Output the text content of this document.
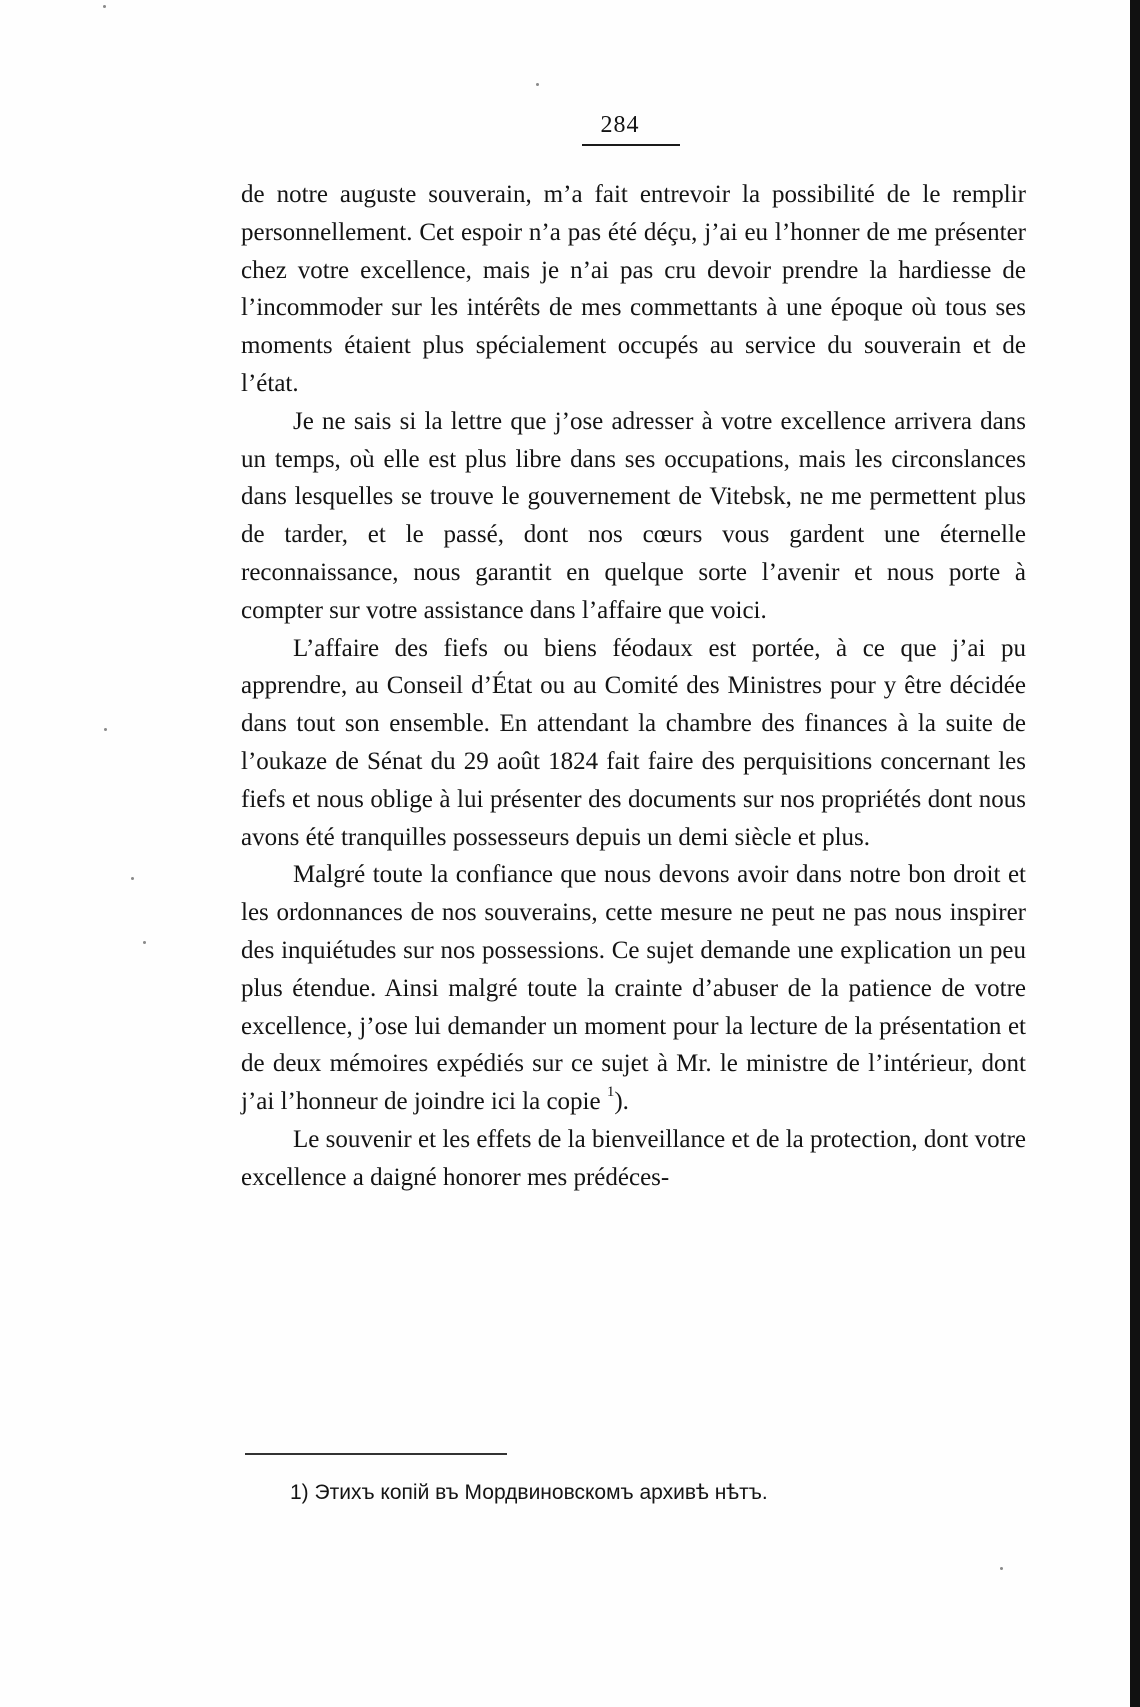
284

de notre auguste souverain, m’a fait entrevoir la possibilité de le remplir personnellement. Cet espoir n’a pas été déçu, j’ai eu l’honner de me présenter chez votre excellence, mais je n’ai pas cru devoir prendre la hardiesse de l’incommoder sur les intérêts de mes commettants à une époque où tous ses moments étaient plus spécialement occupés au service du souverain et de l’état.

Je ne sais si la lettre que j’ose adresser à votre excellence arrivera dans un temps, où elle est plus libre dans ses occupations, mais les circonslances dans lesquelles se trouve le gouvernement de Vitebsk, ne me permettent plus de tarder, et le passé, dont nos cœurs vous gardent une éternelle reconnaissance, nous garantit en quelque sorte l’avenir et nous porte à compter sur votre assistance dans l’affaire que voici.

L’affaire des fiefs ou biens féodaux est portée, à ce que j’ai pu apprendre, au Conseil d’État ou au Comité des Ministres pour y être décidée dans tout son ensemble. En attendant la chambre des finances à la suite de l’oukaze de Sénat du 29 août 1824 fait faire des perquisitions concernant les fiefs et nous oblige à lui présenter des documents sur nos propriétés dont nous avons été tranquilles possesseurs depuis un demi siècle et plus.

Malgré toute la confiance que nous devons avoir dans notre bon droit et les ordonnances de nos souverains, cette mesure ne peut ne pas nous inspirer des inquiétudes sur nos possessions. Ce sujet demande une explication un peu plus étendue. Ainsi malgré toute la crainte d’abuser de la patience de votre excellence, j’ose lui demander un moment pour la lecture de la présentation et de deux mémoires expédiés sur ce sujet à Mr. le ministre de l’intérieur, dont j’ai l’honneur de joindre ici la copie $^1$).

Le souvenir et les effets de la bienveillance et de la protection, dont votre excellence a daigné honorer mes prédéces-

1) Этихъ копій въ Мордвиновскомъ архивѣ нѣтъ.
